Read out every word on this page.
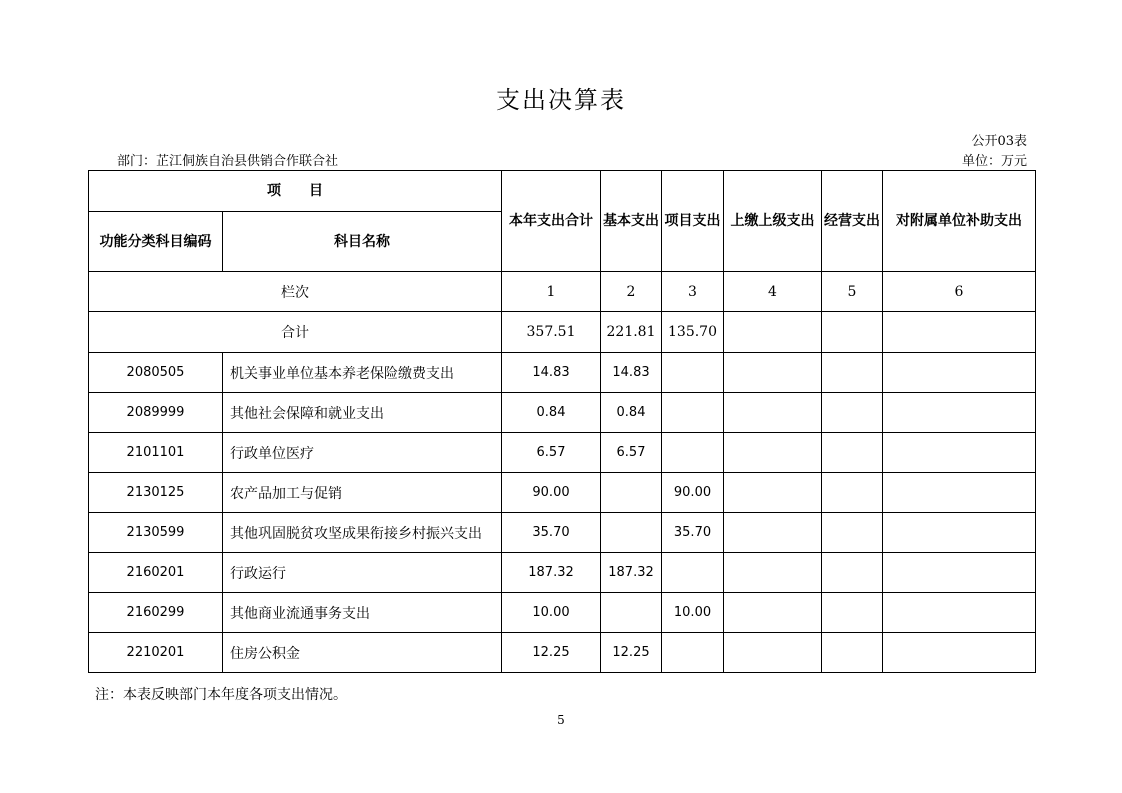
支出决算表
公开03表
部门：芷江侗族自治县供销合作联合社	单位：万元
项　　目		本年支出合计	基本支出	项目支出	上缴上级支出	经营支出	对附属单位补助支出
功能分类科目编码	科目名称						
栏次		1	2	3	4	5	6
合计		357.51	221.81	135.70			
2080505	机关事业单位基本养老保险缴费支出	14.83	14.83				
2089999	其他社会保障和就业支出	0.84	0.84				
2101101	行政单位医疗	6.57	6.57				
2130125	农产品加工与促销	90.00		90.00			
2130599	其他巩固脱贫攻坚成果衔接乡村振兴支出	35.70		35.70			
2160201	行政运行	187.32	187.32				
2160299	其他商业流通事务支出	10.00		10.00			
2210201	住房公积金	12.25	12.25				
注：本表反映部门本年度各项支出情况。
5
